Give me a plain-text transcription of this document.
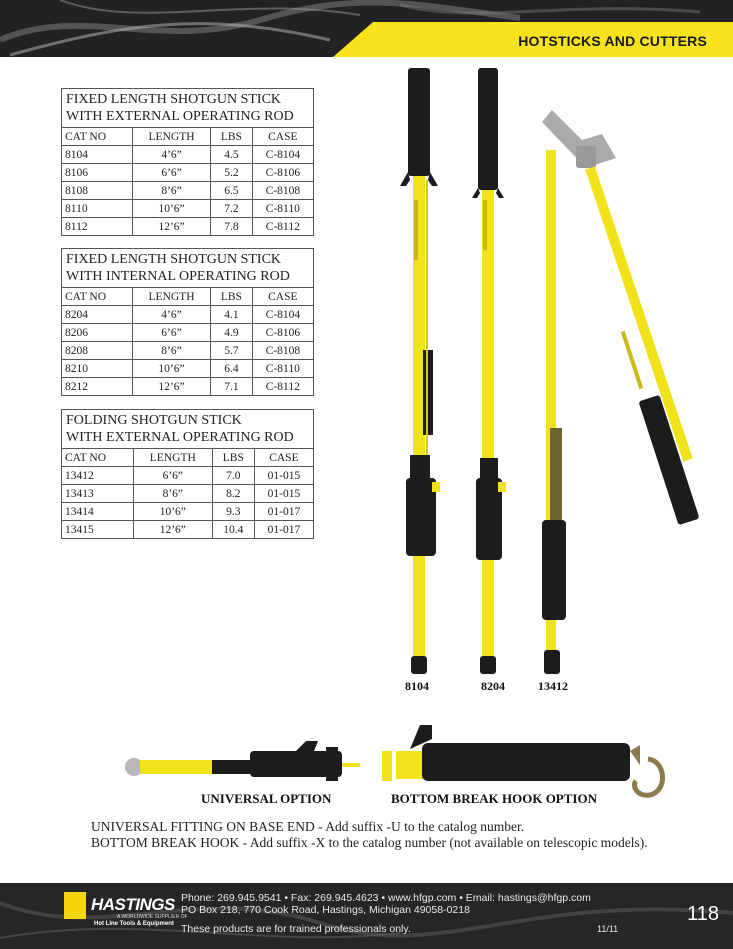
HOTSTICKS AND CUTTERS
FIXED LENGTH SHOTGUN STICK
WITH EXTERNAL OPERATING ROD			
CAT NO	LENGTH	LBS	CASE
8104	4’6”	4.5	C-8104
8106	6’6”	5.2	C-8106
8108	8’6”	6.5	C-8108
8110	10’6”	7.2	C-8110
8112	12’6”	7.8	C-8112
FIXED LENGTH SHOTGUN STICK
WITH INTERNAL OPERATING ROD			
CAT NO	LENGTH	LBS	CASE
8204	4’6”	4.1	C-8104
8206	6’6”	4.9	C-8106
8208	8’6”	5.7	C-8108
8210	10’6”	6.4	C-8110
8212	12’6”	7.1	C-8112
FOLDING SHOTGUN STICK
WITH EXTERNAL OPERATING ROD			
CAT NO	LENGTH	LBS	CASE
13412	6’6”	7.0	01-015
13413	8’6”	8.2	01-015
13414	10’6”	9.3	01-017
13415	12’6”	10.4	01-017
8104	8204	13412
UNIVERSAL OPTION	BOTTOM BREAK HOOK OPTION
UNIVERSAL FITTING ON BASE END - Add suffix -U to the catalog number.
BOTTOM BREAK HOOK - Add suffix -X to the catalog number (not available on telescopic models).
HASTINGS
A WORLDWIDE SUPPLIER OF
Hot Line Tools & Equipment
Phone: 269.945.9541 • Fax: 269.945.4623 • www.hfgp.com • Email: hastings@hfgp.com
PO Box 218, 770 Cook Road, Hastings, Michigan 49058-0218
These products are for trained professionals only.	11/11
118
